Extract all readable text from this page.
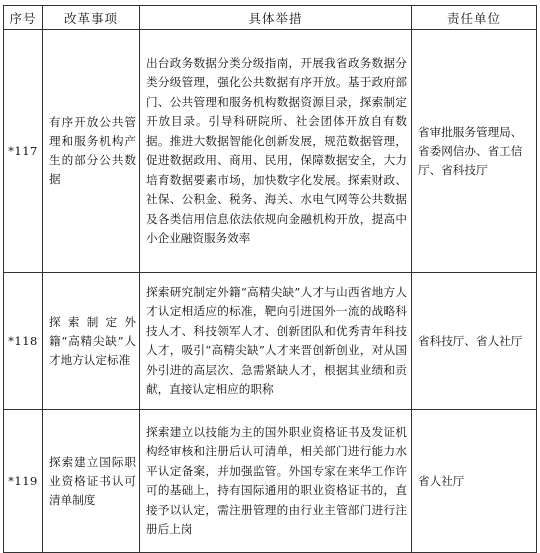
序号	改革事项	具体举措	责任单位
*117	有序开放公共管理和服务机构产生的部分公共数据	出台政务数据分类分级指南，开展我省政务数据分类分级管理，强化公共数据有序开放。基于政府部门、公共管理和服务机构数据资源目录，探索制定开放目录。引导科研院所、社会团体开放自有数据。推进大数据智能化创新发展，规范数据管理，促进数据政用、商用、民用，保障数据安全，大力培育数据要素市场，加快数字化发展。探索财政、社保、公积金、税务、海关、水电气网等公共数据及各类信用信息依法依规向金融机构开放，提高中小企业融资服务效率	省审批服务管理局、省委网信办、省工信厅、省科技厅
*118	探索制定外籍“高精尖缺”人才地方认定标准	探索研究制定外籍“高精尖缺”人才与山西省地方人才认定相适应的标准，靶向引进国外一流的战略科技人才、科技领军人才、创新团队和优秀青年科技人才，吸引“高精尖缺”人才来晋创新创业，对从国外引进的高层次、急需紧缺人才，根据其业绩和贡献，直接认定相应的职称	省科技厅、省人社厅
*119	探索建立国际职业资格证书认可清单制度	探索建立以技能为主的国外职业资格证书及发证机构经审核和注册后认可清单，相关部门进行能力水平认定备案，并加强监管。外国专家在来华工作许可的基础上，持有国际通用的职业资格证书的，直接予以认定，需注册管理的由行业主管部门进行注册后上岗	省人社厅
